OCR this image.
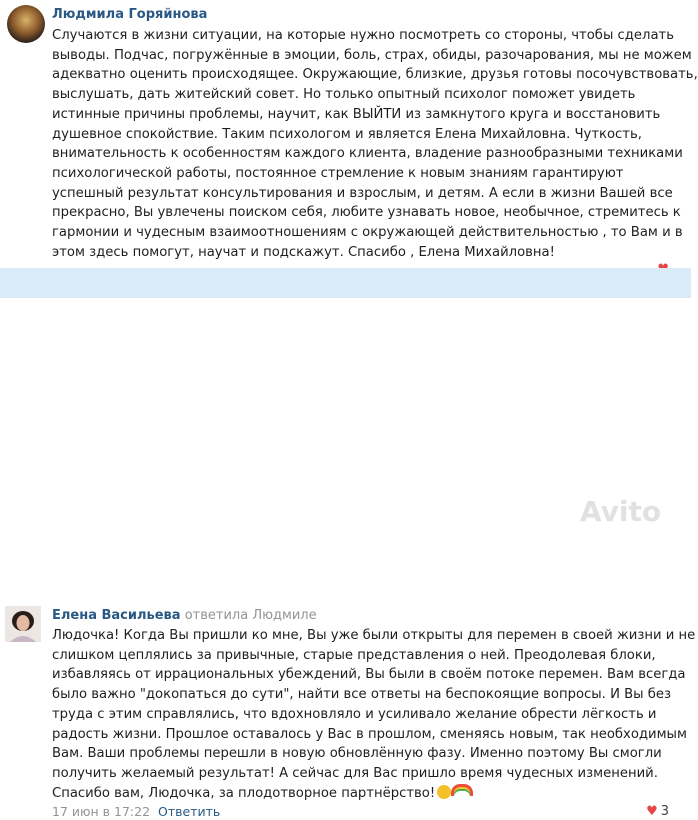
Людмила Горяйнова

Случаются в жизни ситуации, на которые нужно посмотреть со стороны, чтобы сделать

выводы. Подчас, погружённые в эмоции, боль, страх, обиды, разочарования, мы не можем

адекватно оценить происходящее. Окружающие, близкие, друзья готовы посочувствовать,

выслушать, дать житейский совет. Но только опытный психолог поможет увидеть

истинные причины проблемы, научит, как ВЫЙТИ из замкнутого круга и восстановить

душевное спокойствие. Таким психологом и является Елена Михайловна. Чуткость,

внимательность к особенностям каждого клиента, владение разнообразными техниками

психологической работы, постоянное стремление к новым знаниям гарантируют

успешный результат консультирования и взрослым, и детям. А если в жизни Вашей все

прекрасно, Вы увлечены поиском себя, любите узнавать новое, необычное, стремитесь к

гармонии и чудесным взаимоотношениям с окружающей действительностью , то Вам и в

этом здесь помогут, научат и подскажут. Спасибо , Елена Михайловна!

Елена Васильева ответила Людмиле

Людочка! Когда Вы пришли ко мне, Вы уже были открыты для перемен в своей жизни и не

слишком цеплялись за привычные, старые представления о ней. Преодолевая блоки,

избавляясь от иррациональных убеждений, Вы были в своём потоке перемен. Вам всегда

было важно "докопаться до сути", найти все ответы на беспокоящие вопросы. И Вы без

труда с этим справлялись, что вдохновляло и усиливало желание обрести лёгкость и

радость жизни. Прошлое оставалось у Вас в прошлом, сменяясь новым, так необходимым

Вам. Ваши проблемы перешли в новую обновлённую фазу. Именно поэтому Вы смогли

получить желаемый результат! А сейчас для Вас пришло время чудесных изменений.

Спасибо вам, Людочка, за плодотворное партнёрство!

17 июн в 17:22 Ответить	♥ 3
Avito
